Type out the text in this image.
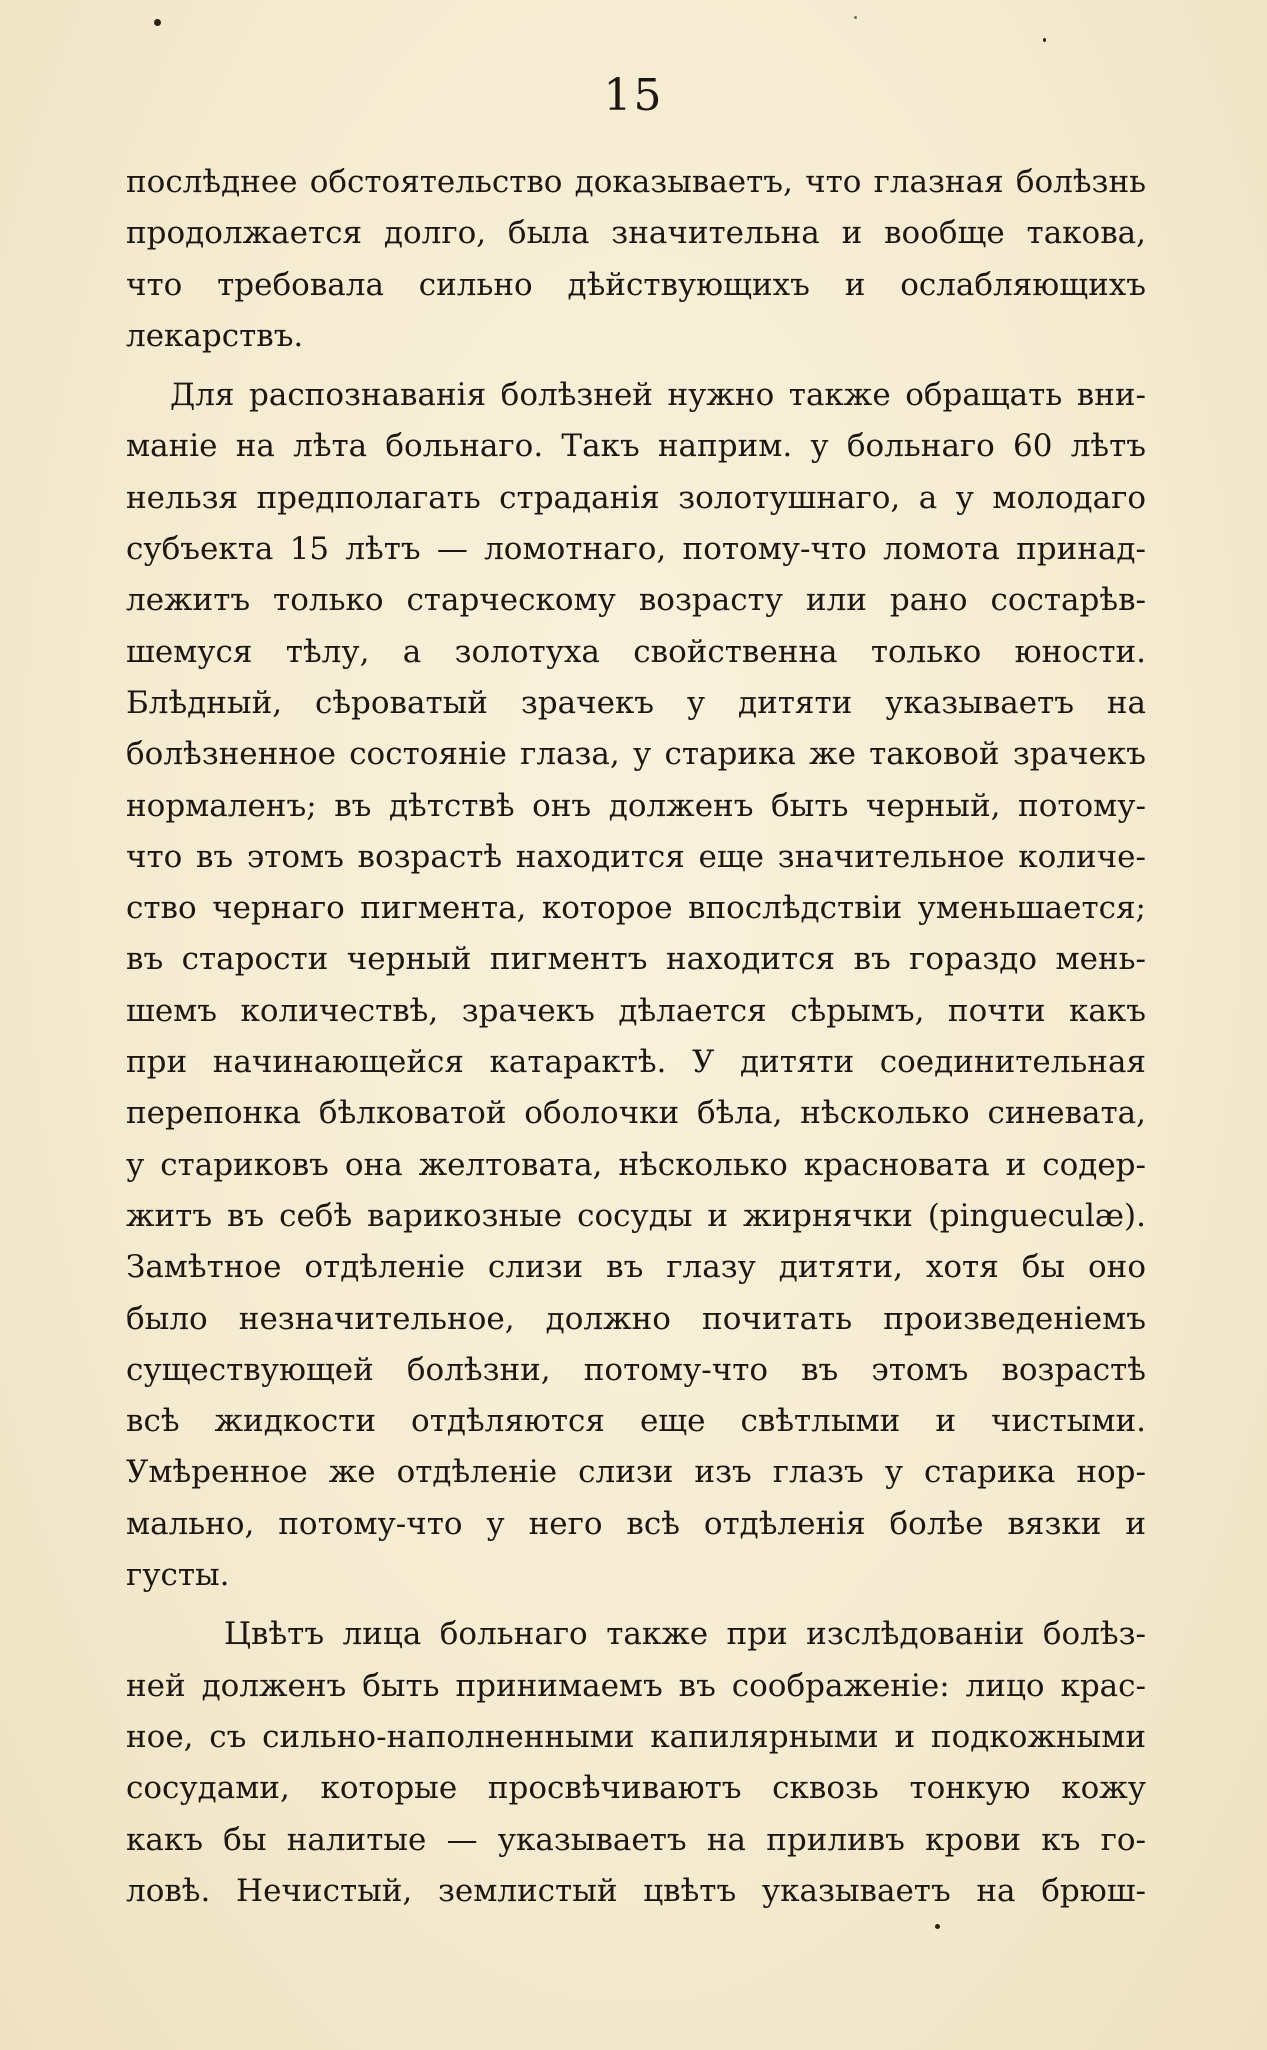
15
послѣднее обстоятельство доказываетъ, что глазная болѣзнь
продолжается долго, была значительна и вообще такова,
что требовала сильно дѣйствующихъ и ослабляющихъ
лекарствъ.
Для распознаванія болѣзней нужно также обращать вни-
маніе на лѣта больнаго. Такъ наприм. у больнаго 60 лѣтъ
нельзя предполагать страданія золотушнаго, а у молодаго
субъекта 15 лѣтъ — ломотнаго, потому-что ломота принад-
лежитъ только старческому возрасту или рано состарѣв-
шемуся тѣлу, а золотуха свойственна только юности.
Блѣдный, сѣроватый зрачекъ у дитяти указываетъ на
болѣзненное состояніе глаза, у старика же таковой зрачекъ
нормаленъ; въ дѣтствѣ онъ долженъ быть черный, потому-
что въ этомъ возрастѣ находится еще значительное количе-
ство чернаго пигмента, которое впослѣдствіи уменьшается;
въ старости черный пигментъ находится въ гораздо мень-
шемъ количествѣ, зрачекъ дѣлается сѣрымъ, почти какъ
при начинающейся катарактѣ. У дитяти соединительная
перепонка бѣлковатой оболочки бѣла, нѣсколько синевата,
у стариковъ она желтовата, нѣсколько красновата и содер-
житъ въ себѣ варикозные сосуды и жирнячки (pinguеculæ).
Замѣтное отдѣленіе слизи въ глазу дитяти, хотя бы оно
было незначительное, должно почитать произведеніемъ
существующей болѣзни, потому-что въ этомъ возрастѣ
всѣ жидкости отдѣляются еще свѣтлыми и чистыми.
Умѣренное же отдѣленіе слизи изъ глазъ у старика нор-
мально, потому-что у него всѣ отдѣленія болѣе вязки и
густы.
Цвѣтъ лица больнаго также при изслѣдованіи болѣз-
ней долженъ быть принимаемъ въ соображеніе: лицо крас-
ное, съ сильно-наполненными капилярными и подкожными
сосудами, которые просвѣчиваютъ сквозь тонкую кожу
какъ бы налитые — указываетъ на приливъ крови къ го-
ловѣ. Нечистый, землистый цвѣтъ указываетъ на брюш-
